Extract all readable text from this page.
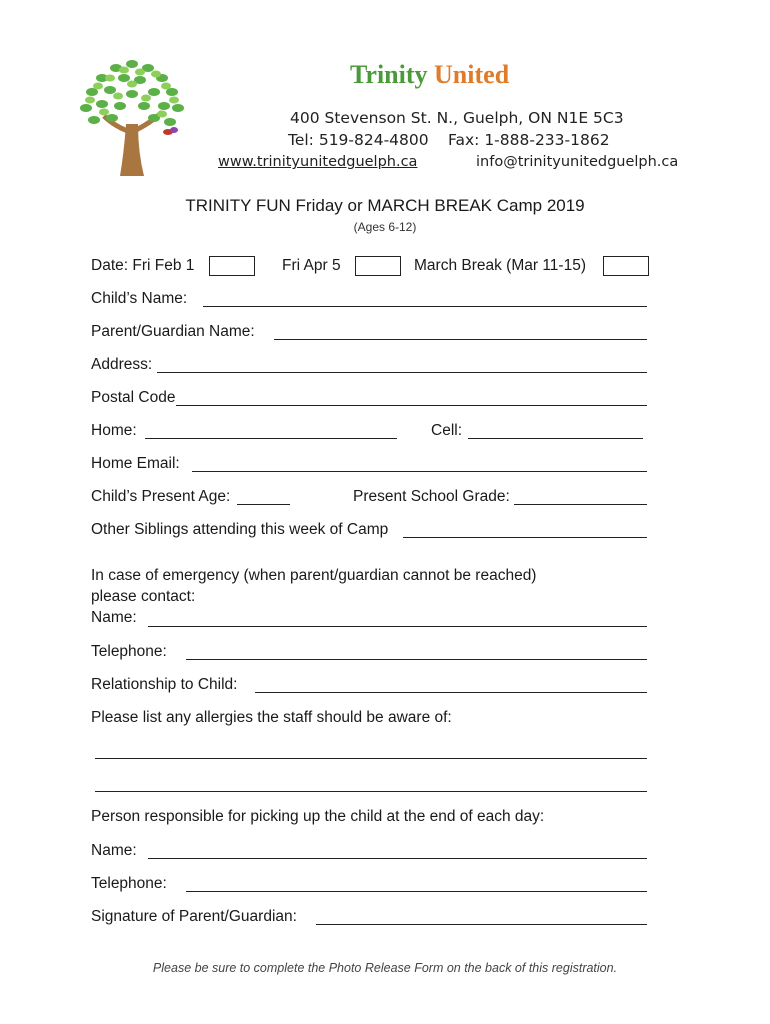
Trinity United
400 Stevenson St. N., Guelph, ON N1E 5C3
Tel: 519-824-4800 Fax: 1-888-233-1862
www.trinityunitedguelph.ca	info@trinityunitedguelph.ca
TRINITY FUN Friday or MARCH BREAK Camp 2019
(Ages 6-12)
Date: Fri Feb 1	Fri Apr 5	March Break (Mar 11-15)
Child’s Name:
Parent/Guardian Name:
Address:
Postal Code
Home:	Cell:
Home Email:
Child’s Present Age:	Present School Grade:
Other Siblings attending this week of Camp
In case of emergency (when parent/guardian cannot be reached)
please contact:
Name:
Telephone:
Relationship to Child:
Please list any allergies the staff should be aware of:
Person responsible for picking up the child at the end of each day:
Name:
Telephone:
Signature of Parent/Guardian:
Please be sure to complete the Photo Release Form on the back of this registration.
